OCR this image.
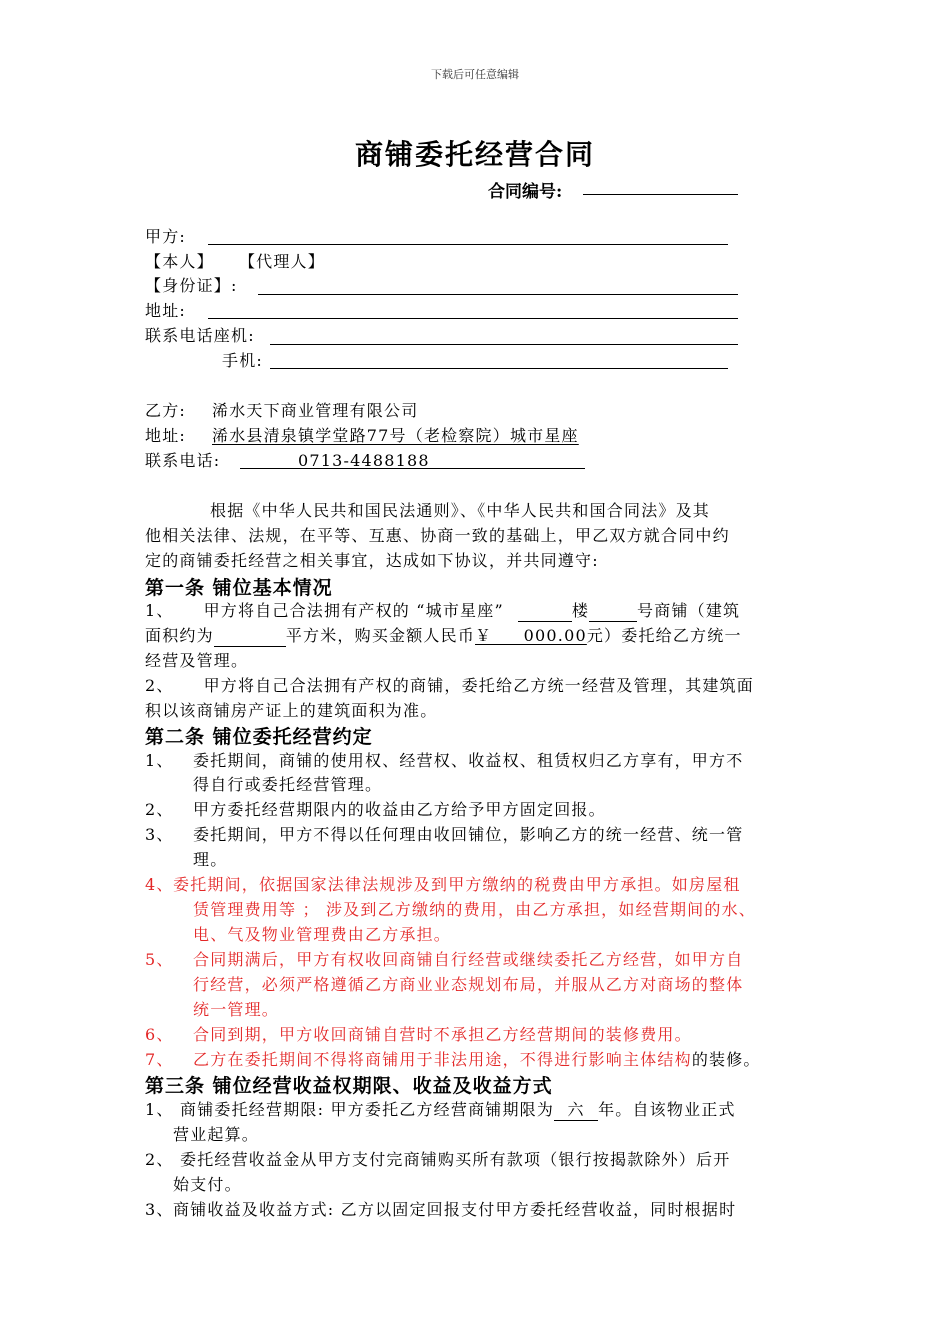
下载后可任意编辑
商铺委托经营合同
合同编号:
甲方:
【本人】    【代理人】
【身份证】:
地址:
联系电话座机:
手机:
乙方: 浠水天下商业管理有限公司
地址: 浠水县清泉镇学堂路77号（老检察院）城市星座
联系电话:	0713-4488188
根据《中华人民共和国民法通则》、《中华人民共和国合同法》及其
他相关法律、法规，在平等、互惠、协商一致的基础上，甲乙双方就合同中约
定的商铺委托经营之相关事宜，达成如下协议，并共同遵守:
第一条 铺位基本情况
1、 甲方将自己合法拥有产权的 “城市星座”	楼	号商铺（建筑
面积约为	平方米，购买金额人民币￥     000.00元）委托给乙方统一
经营及管理。
2、 甲方将自己合法拥有产权的商铺，委托给乙方统一经营及管理，其建筑面
积以该商铺房产证上的建筑面积为准。
第二条 铺位委托经营约定
1、 委托期间，商铺的使用权、经营权、收益权、租赁权归乙方享有，甲方不
得自行或委托经营管理。
2、 甲方委托经营期限内的收益由乙方给予甲方固定回报。
3、 委托期间，甲方不得以任何理由收回铺位，影响乙方的统一经营、统一管
理。
4、 委托期间，依据国家法律法规涉及到甲方缴纳的税费由甲方承担。如房屋租
赁管理费用等 ； 涉及到乙方缴纳的费用，由乙方承担，如经营期间的水、
电、气及物业管理费由乙方承担。
5、 合同期满后，甲方有权收回商铺自行经营或继续委托乙方经营，如甲方自
行经营，必须严格遵循乙方商业业态规划布局，并服从乙方对商场的整体
统一管理。
6、 合同到期，甲方收回商铺自营时不承担乙方经营期间的装修费用。
7、 乙方在委托期间不得将商铺用于非法用途，不得进行影响主体结构的装修。
第三条 铺位经营收益权期限、收益及收益方式
1、 商铺委托经营期限: 甲方委托乙方经营商铺期限为 六 年。自该物业正式
营业起算。
2、 委托经营收益金从甲方支付完商铺购买所有款项（银行按揭款除外）后开
始支付。
3、 商铺收益及收益方式: 乙方以固定回报支付甲方委托经营收益，同时根据时
